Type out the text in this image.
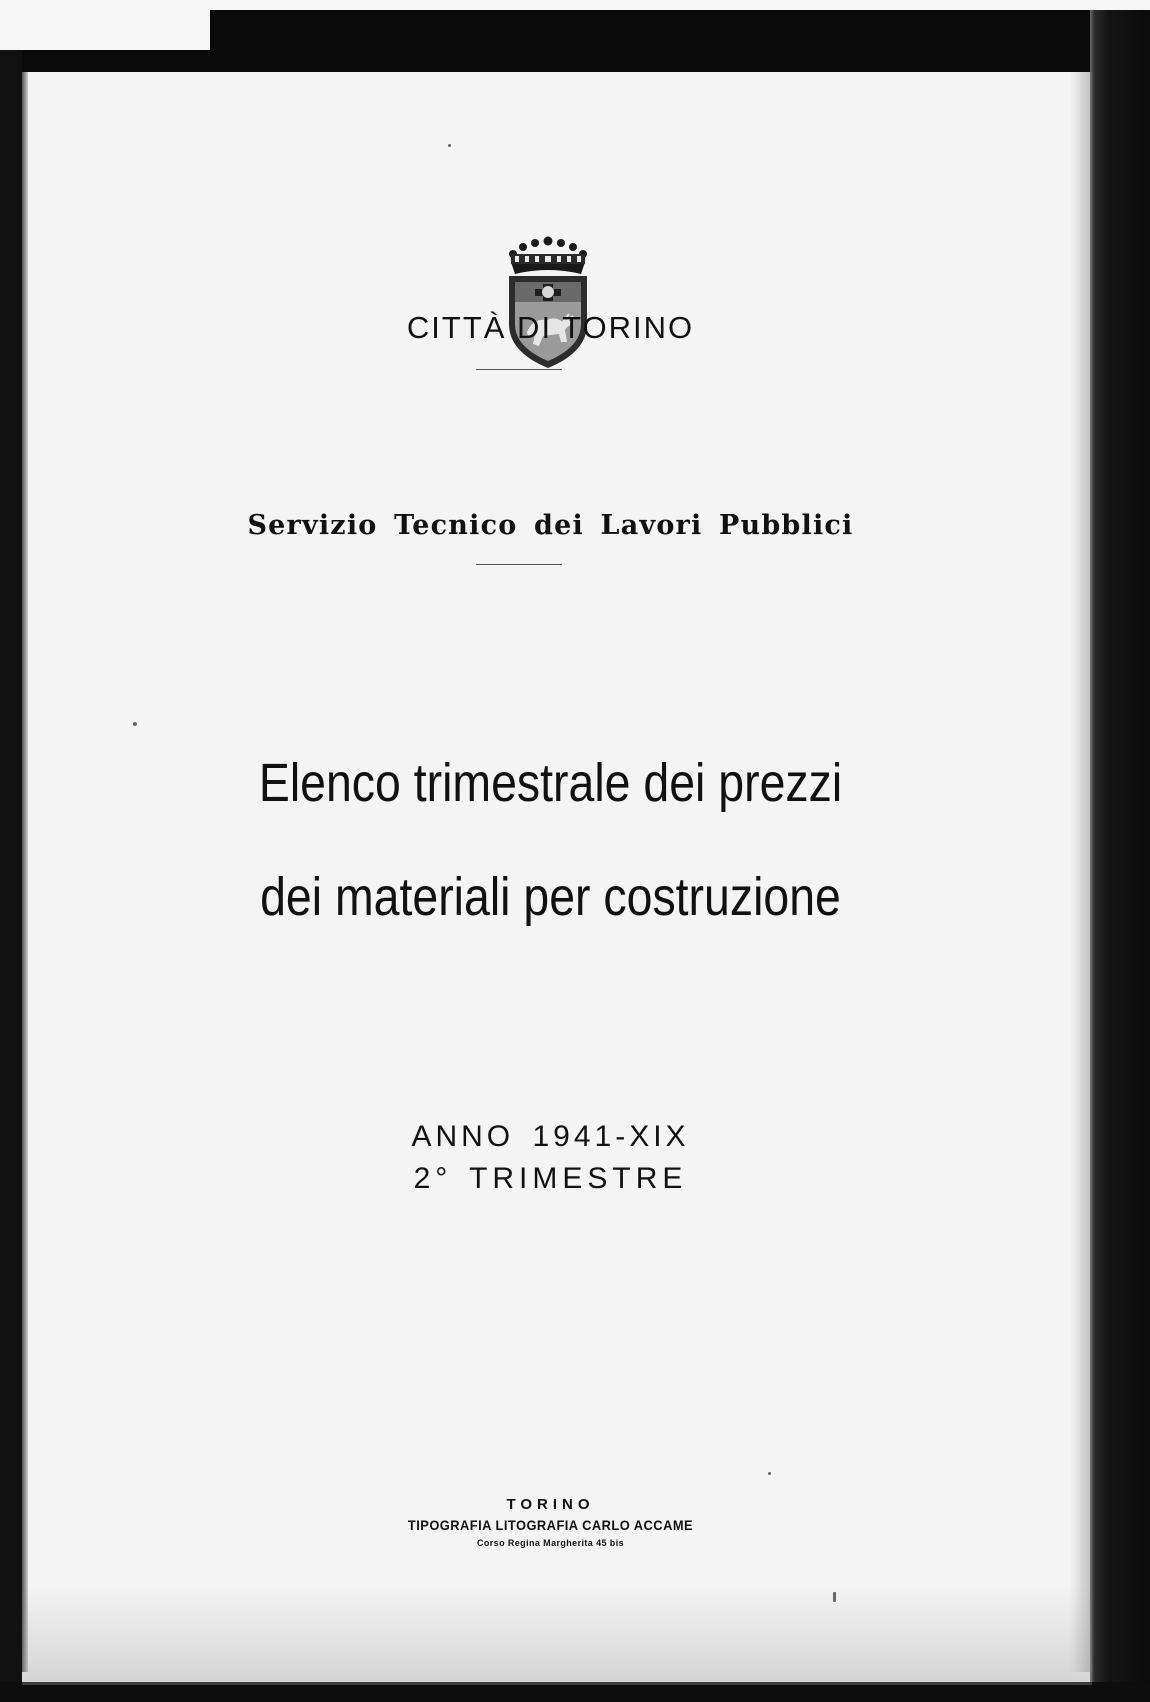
CITTÀ DI TORINO
Servizio Tecnico dei Lavori Pubblici
Elenco trimestrale dei prezzi
dei materiali per costruzione
ANNO 1941-XIX
2° TRIMESTRE
TORINO
TIPOGRAFIA LITOGRAFIA CARLO ACCAME
Corso Regina Margherita 45 bis
